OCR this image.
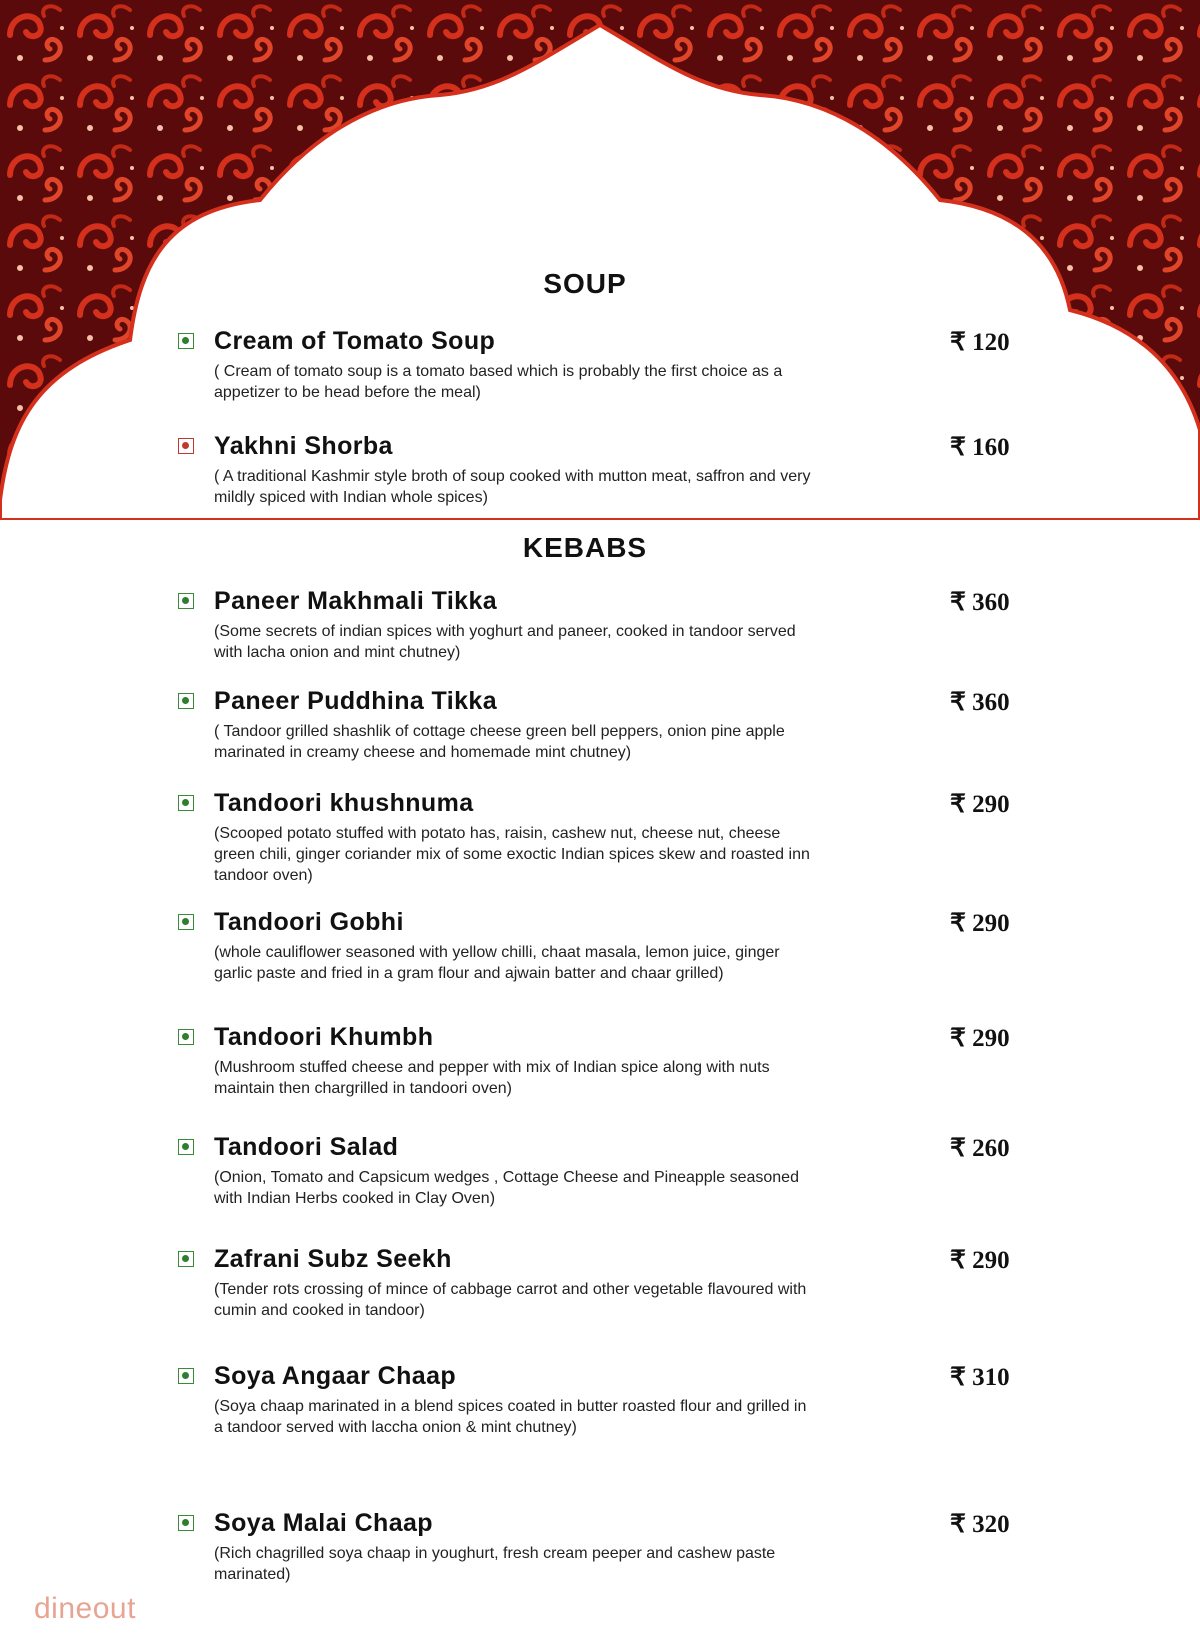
SOUP
Cream of Tomato Soup
( Cream of tomato soup is a tomato based which is probably the first choice as a appetizer to be head before the meal)
₹ 120
Yakhni Shorba
( A traditional Kashmir style broth of soup cooked with mutton meat, saffron and very mildly spiced with Indian whole spices)
₹ 160
KEBABS
Paneer Makhmali Tikka
(Some secrets of indian spices with yoghurt and paneer, cooked in tandoor served with lacha onion and mint chutney)
₹ 360
Paneer Puddhina Tikka
( Tandoor grilled shashlik of cottage cheese green bell peppers, onion pine apple marinated in creamy cheese and homemade mint chutney)
₹ 360
Tandoori khushnuma
(Scooped potato stuffed with potato has, raisin, cashew nut, cheese nut, cheese green chili, ginger coriander mix of some exoctic Indian spices skew and roasted inn tandoor oven)
₹ 290
Tandoori Gobhi
(whole cauliflower seasoned with yellow chilli, chaat masala, lemon juice, ginger garlic paste and fried in a gram flour and ajwain batter and chaar grilled)
₹ 290
Tandoori Khumbh
(Mushroom stuffed cheese and pepper with mix of Indian spice along with nuts maintain then chargrilled in tandoori oven)
₹ 290
Tandoori Salad
(Onion, Tomato and Capsicum wedges , Cottage Cheese and Pineapple seasoned with Indian Herbs cooked in Clay Oven)
₹ 260
Zafrani Subz Seekh
(Tender rots crossing of mince of cabbage carrot and other vegetable flavoured with cumin and cooked in tandoor)
₹ 290
Soya Angaar Chaap
(Soya chaap marinated in a blend spices coated in butter roasted flour and grilled in a tandoor served with laccha onion & mint chutney)
₹ 310
Soya Malai Chaap
(Rich chagrilled soya chaap in youghurt, fresh cream peeper and cashew paste marinated)
₹ 320
dineout
